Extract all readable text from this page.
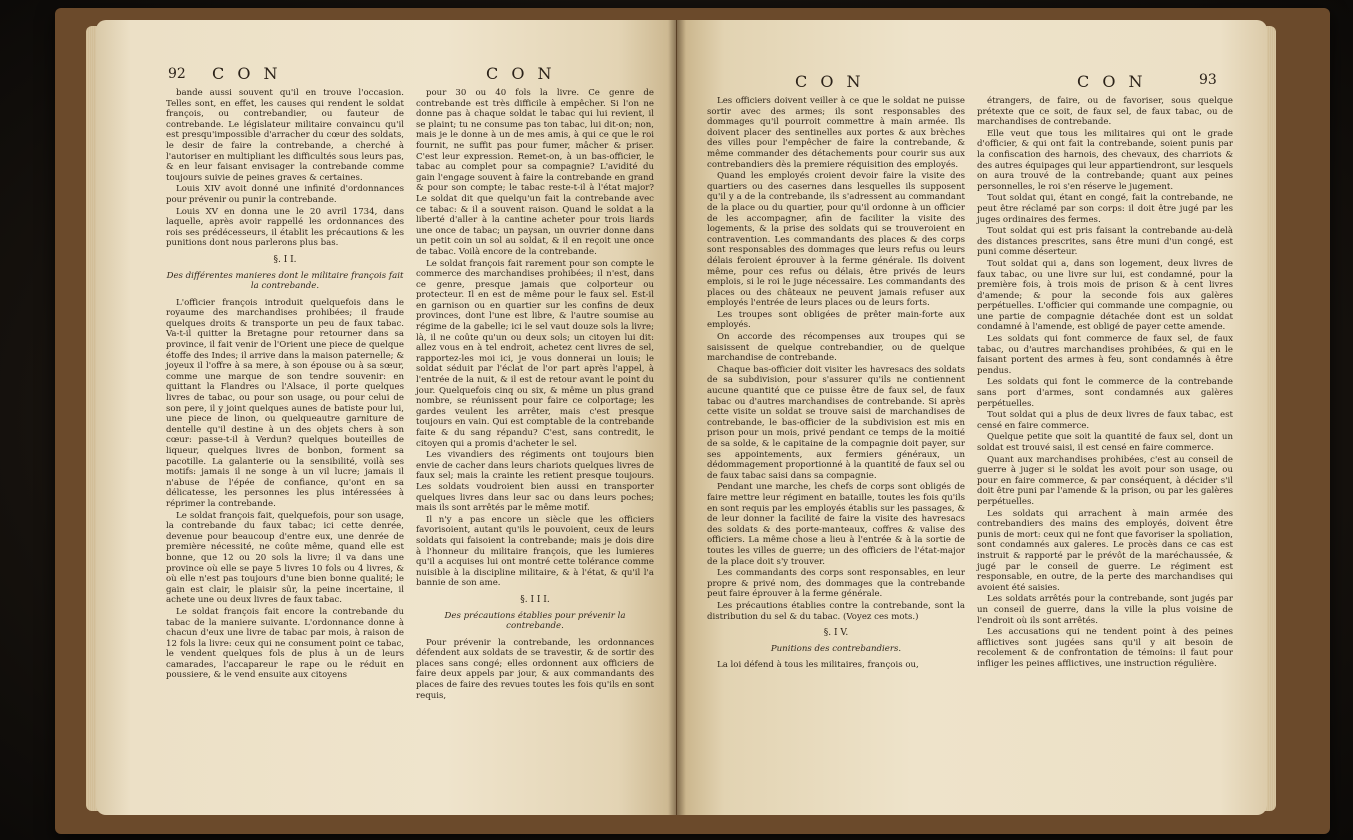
92 C O N	C O N

bande aussi souvent qu'il en trouve l'occasion. Telles sont, en effet, les causes qui rendent le soldat françois, ou contrebandier, ou fauteur de contrebande. Le législateur militaire convaincu qu'il est presqu'impossible d'arracher du cœur des soldats, le desir de faire la contrebande, a cherché à l'autoriser en multipliant les difficultés sous leurs pas, & en leur faisant envisager la contrebande comme toujours suivie de peines graves & certaines.

Louis XIV avoit donné une infinité d'ordonnances pour prévenir ou punir la contrebande.

Louis XV en donna une le 20 avril 1734, dans laquelle, après avoir rappellé les ordonnances des rois ses prédécesseurs, il établit les précautions & les punitions dont nous parlerons plus bas.

§. I I.

Des différentes manieres dont le militaire françois fait la contrebande.

L'officier françois introduit quelquefois dans le royaume des marchandises prohibées; il fraude quelques droits & transporte un peu de faux tabac. Va-t-il quitter la Bretagne pour retourner dans sa province, il fait venir de l'Orient une piece de quelque étoffe des Indes; il arrive dans la maison paternelle; & joyeux il l'offre à sa mere, à son épouse ou à sa sœur, comme une marque de son tendre souvenir: en quittant la Flandres ou l'Alsace, il porte quelques livres de tabac, ou pour son usage, ou pour celui de son pere, il y joint quelques aunes de batiste pour lui, une piece de linon, ou quelqueautre garniture de dentelle qu'il destine à un des objets chers à son cœur: passe-t-il à Verdun? quelques bouteilles de liqueur, quelques livres de bonbon, forment sa pacotille. La galanterie ou la sensibilité, voilà ses motifs: jamais il ne songe à un vil lucre; jamais il n'abuse de l'épée de confiance, qu'ont en sa délicatesse, les personnes les plus intéressées à réprimer la contrebande.

Le soldat françois fait, quelquefois, pour son usage, la contrebande du faux tabac; ici cette denrée, devenue pour beaucoup d'entre eux, une denrée de première nécessité, ne coûte même, quand elle est bonne, que 12 ou 20 sols la livre; il va dans une province où elle se paye 5 livres 10 fols ou 4 livres, & où elle n'est pas toujours d'une bien bonne qualité; le gain est clair, le plaisir sûr, la peine incertaine, il achete une ou deux livres de faux tabac.

Le soldat françois fait encore la contrebande du tabac de la maniere suivante. L'ordonnance donne à chacun d'eux une livre de tabac par mois, à raison de 12 fols la livre: ceux qui ne consument point ce tabac, le vendent quelques fols de plus à un de leurs camarades, l'accapareur le rape ou le réduit en poussiere, & le vend ensuite aux citoyens

pour 30 ou 40 fols la livre. Ce genre de contrebande est très difficile à empêcher. Si l'on ne donne pas à chaque soldat le tabac qui lui revient, il se plaint; tu ne consume pas ton tabac, lui dit-on; non, mais je le donne à un de mes amis, à qui ce que le roi fournit, ne suffit pas pour fumer, mâcher & priser. C'est leur expression. Remet-on, à un bas-officier, le tabac au complet pour sa compagnie? L'avidité du gain l'engage souvent à faire la contrebande en grand & pour son compte; le tabac reste-t-il à l'état major? Le soldat dit que quelqu'un fait la contrebande avec ce tabac: & il a souvent raison. Quand le soldat a la liberté d'aller à la cantine acheter pour trois liards une once de tabac; un paysan, un ouvrier donne dans un petit coin un sol au soldat, & il en reçoit une once de tabac. Voilà encore de la contrebande.

Le soldat françois fait rarement pour son compte le commerce des marchandises prohibées; il n'est, dans ce genre, presque jamais que colporteur ou protecteur. Il en est de même pour le faux sel. Est-il en garnison ou en quartier sur les confins de deux provinces, dont l'une est libre, & l'autre soumise au régime de la gabelle; ici le sel vaut douze sols la livre; là, il ne coûte qu'un ou deux sols; un citoyen lui dit: allez vous en à tel endroit, achetez cent livres de sel, rapportez-les moi ici, je vous donnerai un louis; le soldat séduit par l'éclat de l'or part après l'appel, à l'entrée de la nuit, & il est de retour avant le point du jour. Quelquefois cinq ou six, & même un plus grand nombre, se réunissent pour faire ce colportage; les gardes veulent les arrêter, mais c'est presque toujours en vain. Qui est comptable de la contrebande faite & du sang répandu? C'est, sans contredit, le citoyen qui a promis d'acheter le sel.

Les vivandiers des régiments ont toujours bien envie de cacher dans leurs chariots quelques livres de faux sel; mais la crainte les retient presque toujours. Les soldats voudroient bien aussi en transporter quelques livres dans leur sac ou dans leurs poches; mais ils sont arrêtés par le même motif.

Il n'y a pas encore un siècle que les officiers favorisoient, autant qu'ils le pouvoient, ceux de leurs soldats qui faisoient la contrebande; mais je dois dire à l'honneur du militaire françois, que les lumieres qu'il a acquises lui ont montré cette tolérance comme nuisible à la discipline militaire, & à l'état, & qu'il l'a bannie de son ame.

§. I I I.

Des précautions établies pour prévenir la contrebande.

Pour prévenir la contrebande, les ordonnances défendent aux soldats de se travestir, & de sortir des places sans congé; elles ordonnent aux officiers de faire deux appels par jour, & aux commandants des places de faire des revues toutes les fois qu'ils en sont requis,

C O N	C O N	93

Les officiers doivent veiller à ce que le soldat ne puisse sortir avec des armes; ils sont responsables des dommages qu'il pourroit commettre à main armée. Ils doivent placer des sentinelles aux portes & aux brèches des villes pour l'empêcher de faire la contrebande, & même commander des détachements pour courir sus aux contrebandiers dès la premiere réquisition des employés.

Quand les employés croient devoir faire la visite des quartiers ou des casernes dans lesquelles ils supposent qu'il y a de la contrebande, ils s'adressent au commandant de la place ou du quartier, pour qu'il ordonne à un officier de les accompagner, afin de faciliter la visite des logements, & la prise des soldats qui se trouveroient en contravention. Les commandants des places & des corps sont responsables des dommages que leurs refus ou leurs délais feroient éprouver à la ferme générale. Ils doivent même, pour ces refus ou délais, être privés de leurs emplois, si le roi le juge nécessaire. Les commandants des places ou des châteaux ne peuvent jamais refuser aux employés l'entrée de leurs places ou de leurs forts.

Les troupes sont obligées de prêter main-forte aux employés.

On accorde des récompenses aux troupes qui se saisissent de quelque contrebandier, ou de quelque marchandise de contrebande.

Chaque bas-officier doit visiter les havresacs des soldats de sa subdivision, pour s'assurer qu'ils ne contiennent aucune quantité que ce puisse être de faux sel, de faux tabac ou d'autres marchandises de contrebande. Si après cette visite un soldat se trouve saisi de marchandises de contrebande, le bas-officier de la subdivision est mis en prison pour un mois, privé pendant ce temps de la moitié de sa solde, & le capitaine de la compagnie doit payer, sur ses appointements, aux fermiers généraux, un dédommagement proportionné à la quantité de faux sel ou de faux tabac saisi dans sa compagnie.

Pendant une marche, les chefs de corps sont obligés de faire mettre leur régiment en bataille, toutes les fois qu'ils en sont requis par les employés établis sur les passages, & de leur donner la facilité de faire la visite des havresacs des soldats & des porte-manteaux, coffres & valise des officiers. La même chose a lieu à l'entrée & à la sortie de toutes les villes de guerre; un des officiers de l'état-major de la place doit s'y trouver.

Les commandants des corps sont responsables, en leur propre & privé nom, des dommages que la contrebande peut faire éprouver à la ferme générale.

Les précautions établies contre la contrebande, sont la distribution du sel & du tabac. (Voyez ces mots.)

§. I V.

Punitions des contrebandiers.

La loi défend à tous les militaires, françois ou,

étrangers, de faire, ou de favoriser, sous quelque prétexte que ce soit, de faux sel, de faux tabac, ou de marchandises de contrebande.

Elle veut que tous les militaires qui ont le grade d'officier, & qui ont fait la contrebande, soient punis par la confiscation des harnois, des chevaux, des charriots & des autres équipages qui leur appartiendront, sur lesquels on aura trouvé de la contrebande; quant aux peines personnelles, le roi s'en réserve le jugement.

Tout soldat qui, étant en congé, fait la contrebande, ne peut être réclamé par son corps: il doit être jugé par les juges ordinaires des fermes.

Tout soldat qui est pris faisant la contrebande au-delà des distances prescrites, sans être muni d'un congé, est puni comme déserteur.

Tout soldat qui a, dans son logement, deux livres de faux tabac, ou une livre sur lui, est condamné, pour la première fois, à trois mois de prison & à cent livres d'amende; & pour la seconde fois aux galères perpétuelles. L'officier qui commande une compagnie, ou une partie de compagnie détachée dont est un soldat condamné à l'amende, est obligé de payer cette amende.

Les soldats qui font commerce de faux sel, de faux tabac, ou d'autres marchandises prohibées, & qui en le faisant portent des armes à feu, sont condamnés à être pendus.

Les soldats qui font le commerce de la contrebande sans port d'armes, sont condamnés aux galères perpétuelles.

Tout soldat qui a plus de deux livres de faux tabac, est censé en faire commerce.

Quelque petite que soit la quantité de faux sel, dont un soldat est trouvé saisi, il est censé en faire commerce.

Quant aux marchandises prohibées, c'est au conseil de guerre à juger si le soldat les avoit pour son usage, ou pour en faire commerce, & par conséquent, à décider s'il doit être puni par l'amende & la prison, ou par les galères perpétuelles.

Les soldats qui arrachent à main armée des contrebandiers des mains des employés, doivent être punis de mort: ceux qui ne font que favoriser la spoliation, sont condamnés aux galeres. Le procès dans ce cas est instruit & rapporté par le prévôt de la maréchaussée, & jugé par le conseil de guerre. Le régiment est responsable, en outre, de la perte des marchandises qui avoient été saisies.

Les soldats arrêtés pour la contrebande, sont jugés par un conseil de guerre, dans la ville la plus voisine de l'endroit où ils sont arrêtés.

Les accusations qui ne tendent point à des peines afflictives sont jugées sans qu'il y ait besoin de recolement & de confrontation de témoins: il faut pour infliger les peines afflictives, une instruction régulière.
